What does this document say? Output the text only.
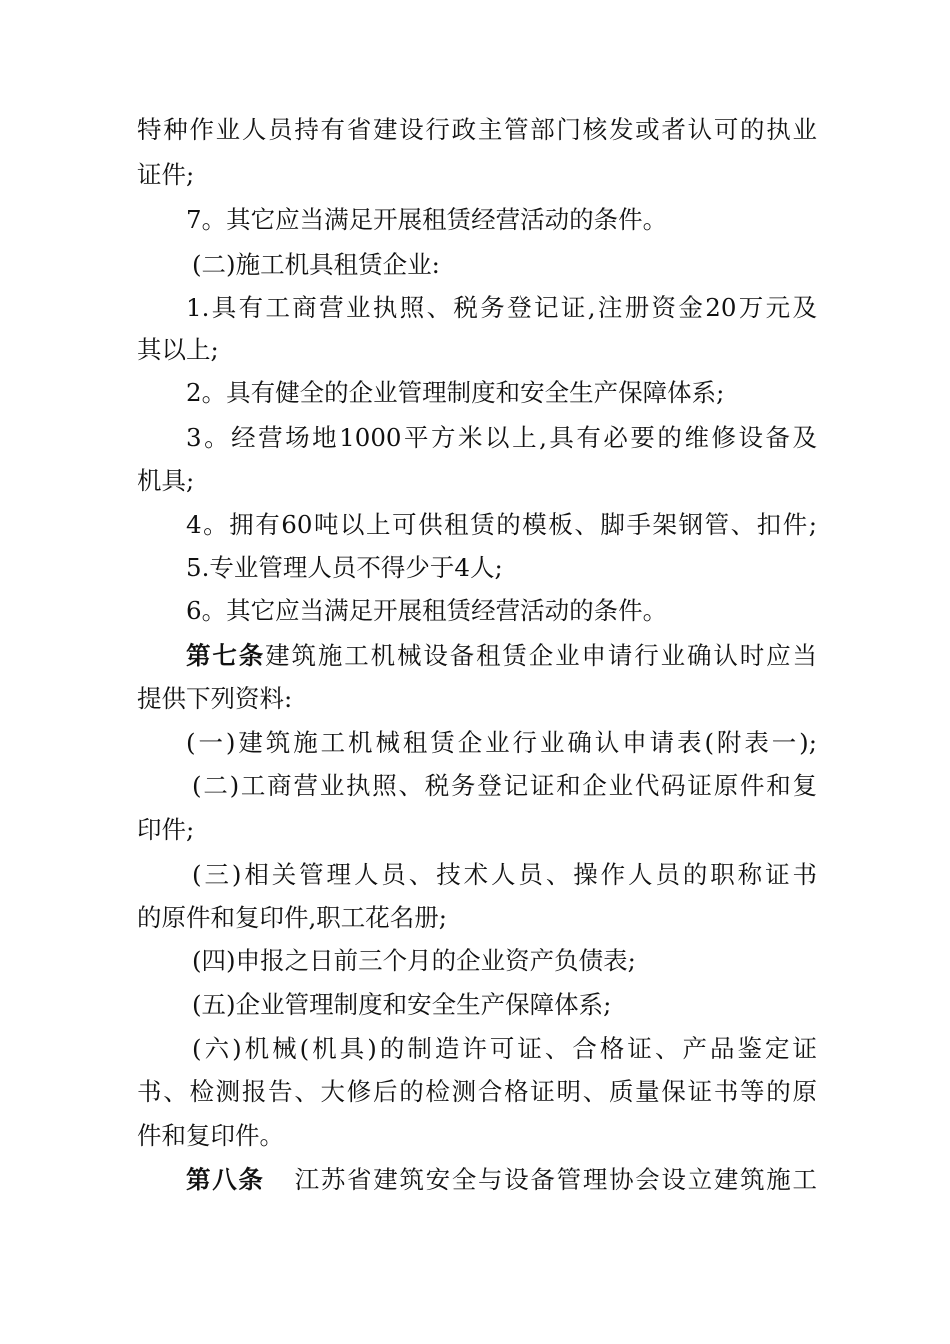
特种作业人员持有省建设行政主管部门核发或者认可的执业
证件;
7。其它应当满足开展租赁经营活动的条件。
(二)施工机具租赁企业:
1.具有工商营业执照、税务登记证,注册资金20万元及
其以上;
2。具有健全的企业管理制度和安全生产保障体系;
3。经营场地1000平方米以上,具有必要的维修设备及
机具;
4。拥有60吨以上可供租赁的模板、脚手架钢管、扣件;
5.专业管理人员不得少于4人;
6。其它应当满足开展租赁经营活动的条件。
第七条建筑施工机械设备租赁企业申请行业确认时应当
提供下列资料:
(一)建筑施工机械租赁企业行业确认申请表(附表一);
(二)工商营业执照、税务登记证和企业代码证原件和复
印件;
(三)相关管理人员、技术人员、操作人员的职称证书
的原件和复印件,职工花名册;
(四)申报之日前三个月的企业资产负债表;
(五)企业管理制度和安全生产保障体系;
(六)机械(机具)的制造许可证、合格证、产品鉴定证
书、检测报告、大修后的检测合格证明、质量保证书等的原
件和复印件。
第八条 江苏省建筑安全与设备管理协会设立建筑施工
